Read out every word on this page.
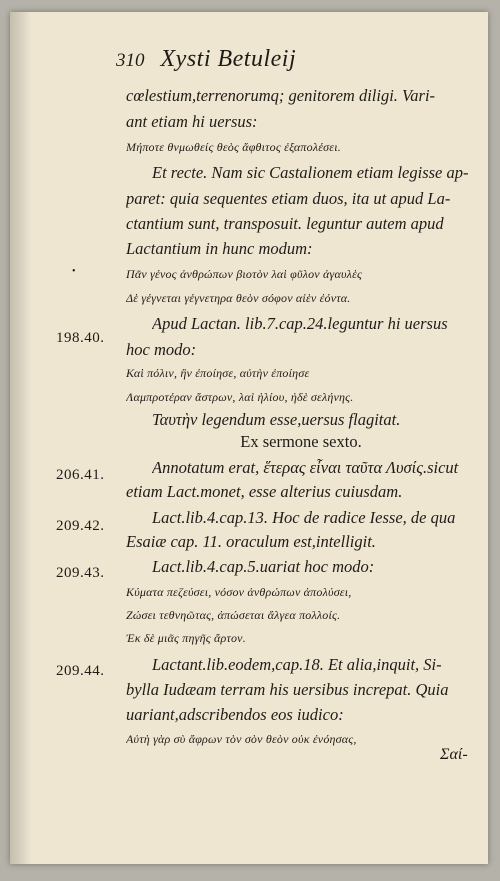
310 Xysti Betuleij
cœlestium,terrenorumq; genitorem diligi. Vari-
ant etiam hi uersus:
Μήποτε θνμωθείς θεὸς ἄφθιτος ἐξαπολέσει.
Et recte. Nam sic Castalionem etiam legisse ap-
paret: quia sequentes etiam duos, ita ut apud La-
ctantium sunt, transposuit. leguntur autem apud
Lactantium in hunc modum:
Πᾶν γένος ἀνθρώπων βιοτὸν λαὶ φῦλον ἀγαυλὲς
Δὲ γέγνεται γέγνετηρα θεὸν σόφον αἰὲν ἐόντα.
Apud Lactan. lib.7.cap.24.leguntur hi uersus
hoc modo:
Καὶ πόλιν, ἣν ἐποίησε, αὐτὴν ἐποίησε
Λαμπροτέραν ἄστρων, λαὶ ἡλίου, ἠδὲ σελήνης.
Ταυτὴν legendum esse,uersus flagitat.
Ex sermone sexto.
Annotatum erat, ἕτερας εἶναι ταῦτα Λυσίς.sicut
etiam Lact.monet, esse alterius cuiusdam.
Lact.lib.4.cap.13. Hoc de radice Iesse, de qua
Esaiæ cap. 11. oraculum est,intelligit.
Lact.lib.4.cap.5.uariat hoc modo:
Κύματα πεζεύσει, νόσον ἀνθρώπων ἀπολύσει,
Ζώσει τεθνηῶτας, ἀπώσεται ἄλγεα πολλοίς.
Ἐκ δὲ μιᾶς πηγῆς ἄρτον.
Lactant.lib.eodem,cap.18. Et alia,inquit, Si-
bylla Iudæam terram his uersibus increpat. Quia
uariant,adscribendos eos iudico:
Αὐτὴ γὰρ σὺ ἄφρων τὸν σὸν θεὸν οὐκ ἐνόησας,
Σαί-
•
198.40.
206.41.
209.42.
209.43.
209.44.
